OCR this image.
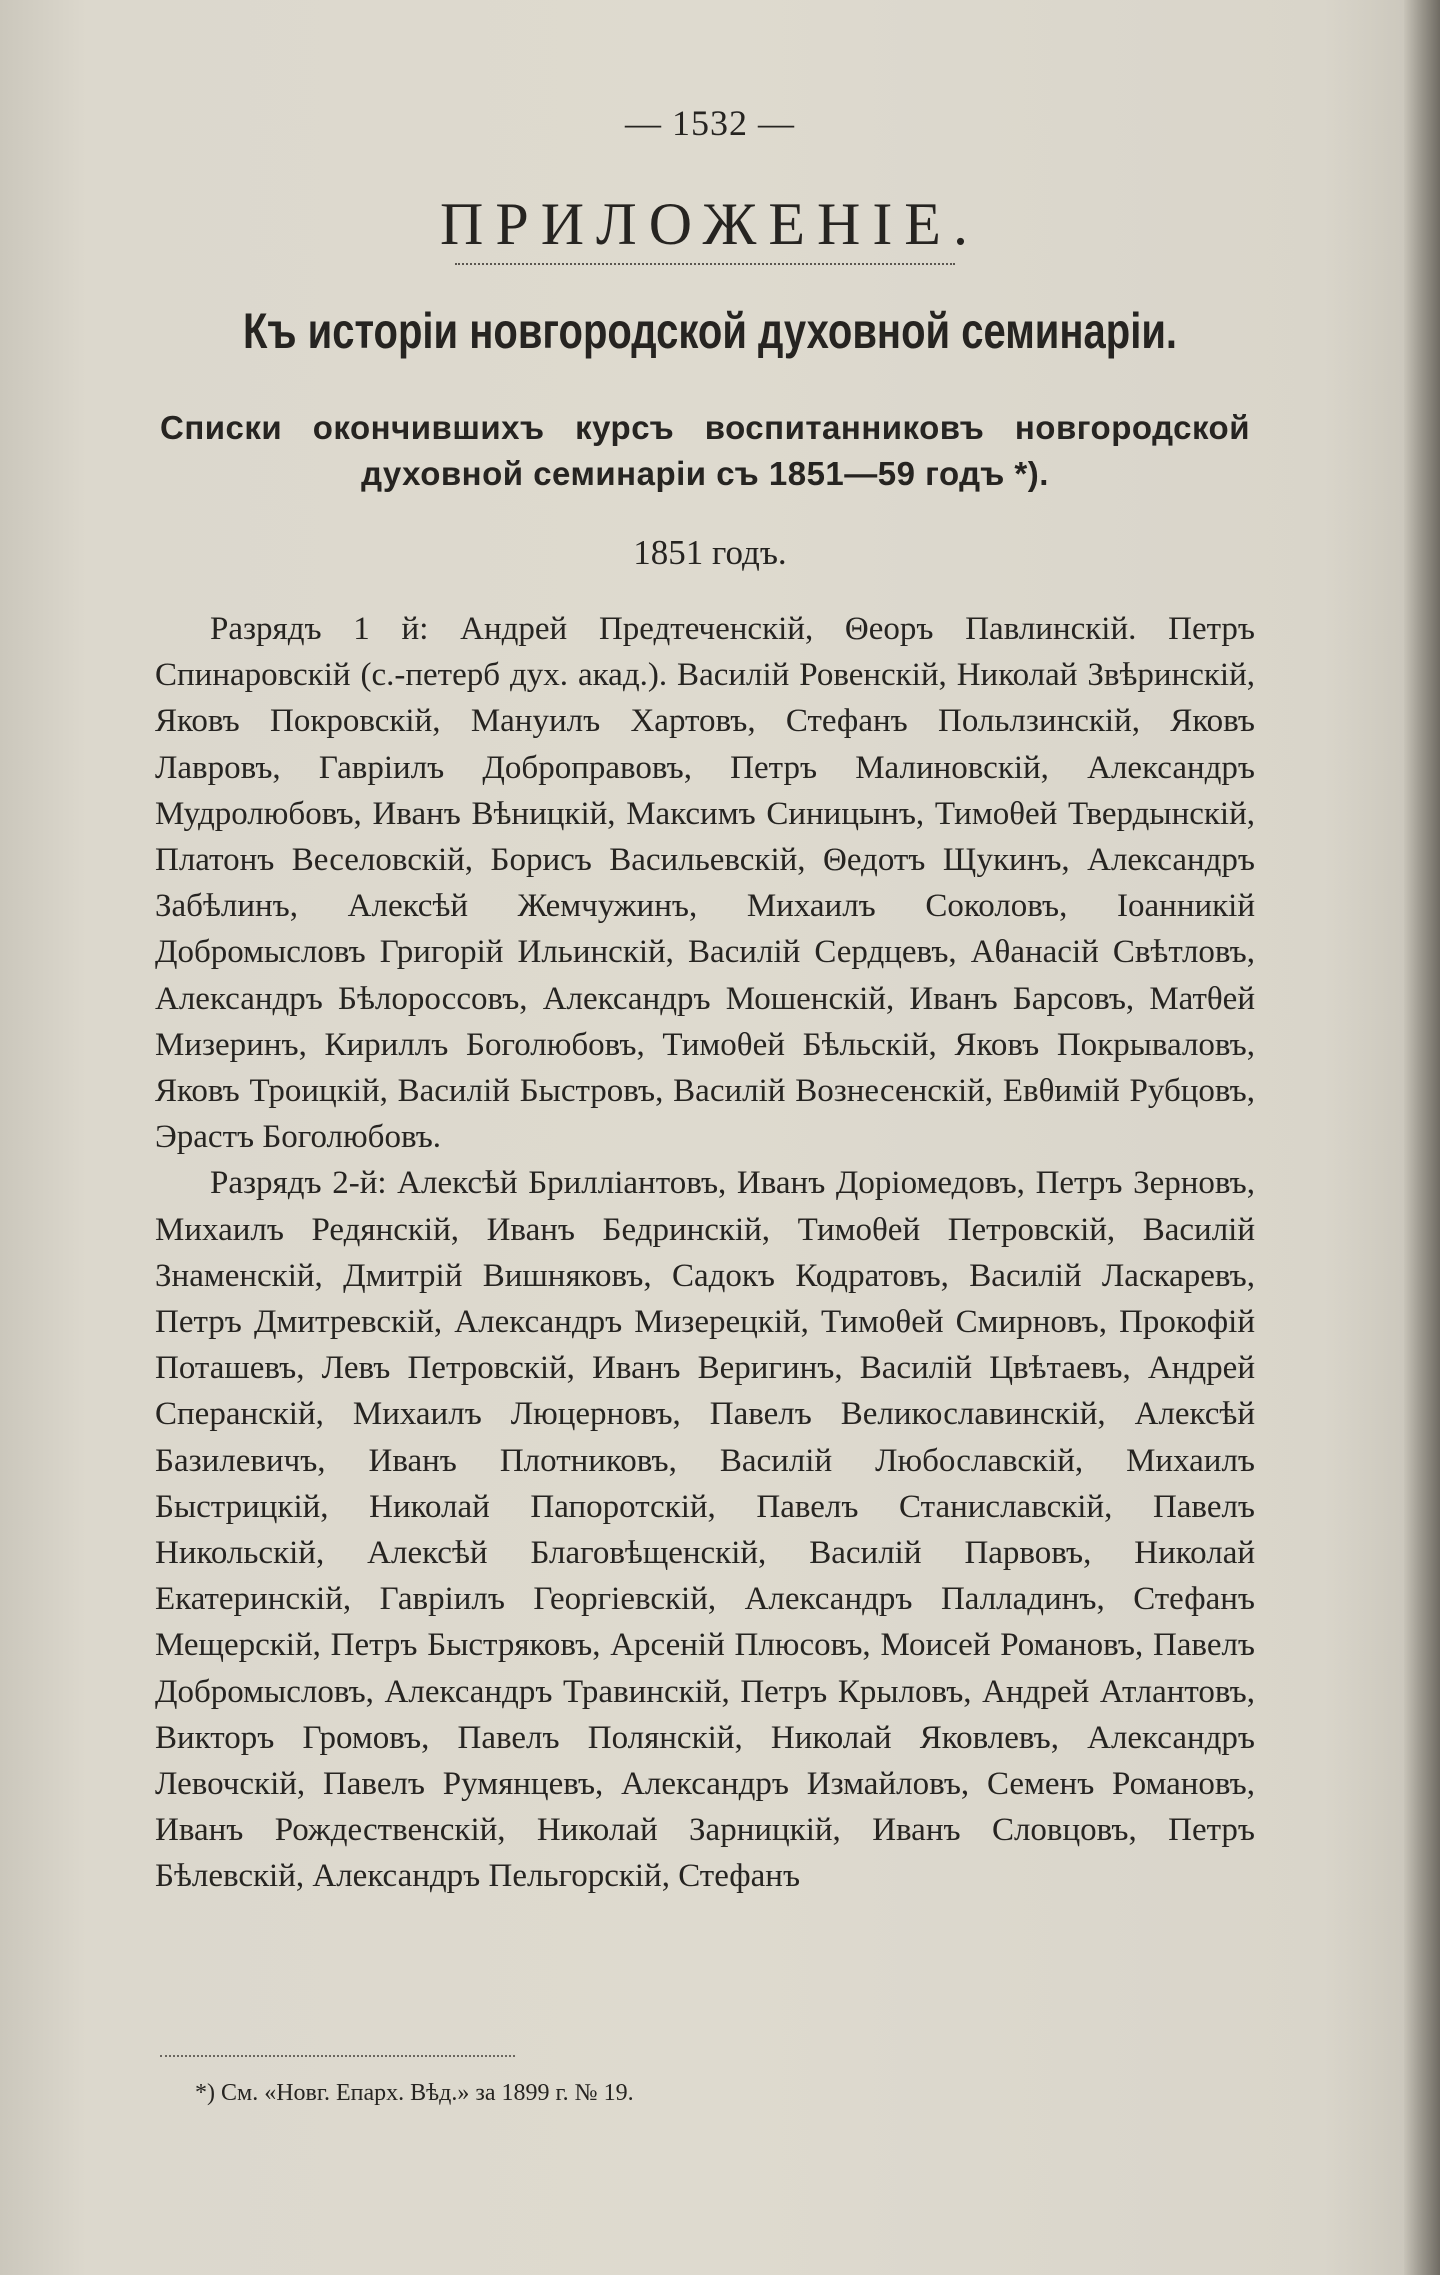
— 1532 —
ПРИЛОЖЕНІЕ.
Къ исторіи новгородской духовной семинаріи.
Списки окончившихъ курсъ воспитанниковъ новгородской духовной семинаріи съ 1851—59 годъ *).
1851 годъ.

Разрядъ 1 й: Андрей Предтеченскій, Θеоръ Павлинскій. Петръ Спинаровскій (с.-петерб дух. акад.). Василій Ровенскій, Николай Звѣринскій, Яковъ Покровскій, Мануилъ Хартовъ, Стефанъ Польлзинскій, Яковъ Лавровъ, Гавріилъ Доброправовъ, Петръ Малиновскій, Александръ Мудролюбовъ, Иванъ Вѣницкій, Максимъ Синицынъ, Тимоθей Твердынскій, Платонъ Веселовскій, Борисъ Васильевскій, Θедотъ Щукинъ, Александръ Забѣлинъ, Алексѣй Жемчужинъ, Михаилъ Соколовъ, Іоанникій Добромысловъ Григорій Ильинскій, Василій Сердцевъ, Аθанасій Свѣтловъ, Александръ Бѣлороссовъ, Александръ Мошенскій, Иванъ Барсовъ, Матθей Мизеринъ, Кириллъ Боголюбовъ, Тимоθей Бѣльскій, Яковъ Покрываловъ, Яковъ Троицкій, Василій Быстровъ, Василій Вознесенскій, Евθимій Рубцовъ, Эрастъ Боголюбовъ.

Разрядъ 2-й: Алексѣй Бриллiантовъ, Иванъ Доріомедовъ, Петръ Зерновъ, Михаилъ Редянскій, Иванъ Бедринскій, Тимоθей Петровскій, Василій Знаменскій, Дмитрій Вишняковъ, Садокъ Кодратовъ, Василій Ласкаревъ, Петръ Дмитревскій, Александръ Мизерецкій, Тимоθей Смирновъ, Прокофій Поташевъ, Левъ Петровскій, Иванъ Веригинъ, Василій Цвѣтаевъ, Андрей Сперанскій, Михаилъ Люцерновъ, Павелъ Великославинскій, Алексѣй Базилевичъ, Иванъ Плотниковъ, Василій Любославскій, Михаилъ Быстрицкій, Николай Папоротскій, Павелъ Станиславскій, Павелъ Никольскій, Алексѣй Благовѣщенскій, Василій Парвовъ, Николай Екатеринскій, Гавріилъ Георгіевскій, Александръ Палладинъ, Стефанъ Мещерскій, Петръ Быстряковъ, Арсеній Плюсовъ, Моисей Романовъ, Павелъ Добромысловъ, Александръ Травинскій, Петръ Крыловъ, Андрей Атлантовъ, Викторъ Громовъ, Павелъ Полянскій, Николай Яковлевъ, Александръ Левочскій, Павелъ Румянцевъ, Александръ Измайловъ, Семенъ Романовъ, Иванъ Рождественскій, Николай Зарницкій, Иванъ Словцовъ, Петръ Бѣлевскій, Александръ Пельгорскій, Стефанъ

*) См. «Новг. Епарх. Вѣд.» за 1899 г. № 19.
